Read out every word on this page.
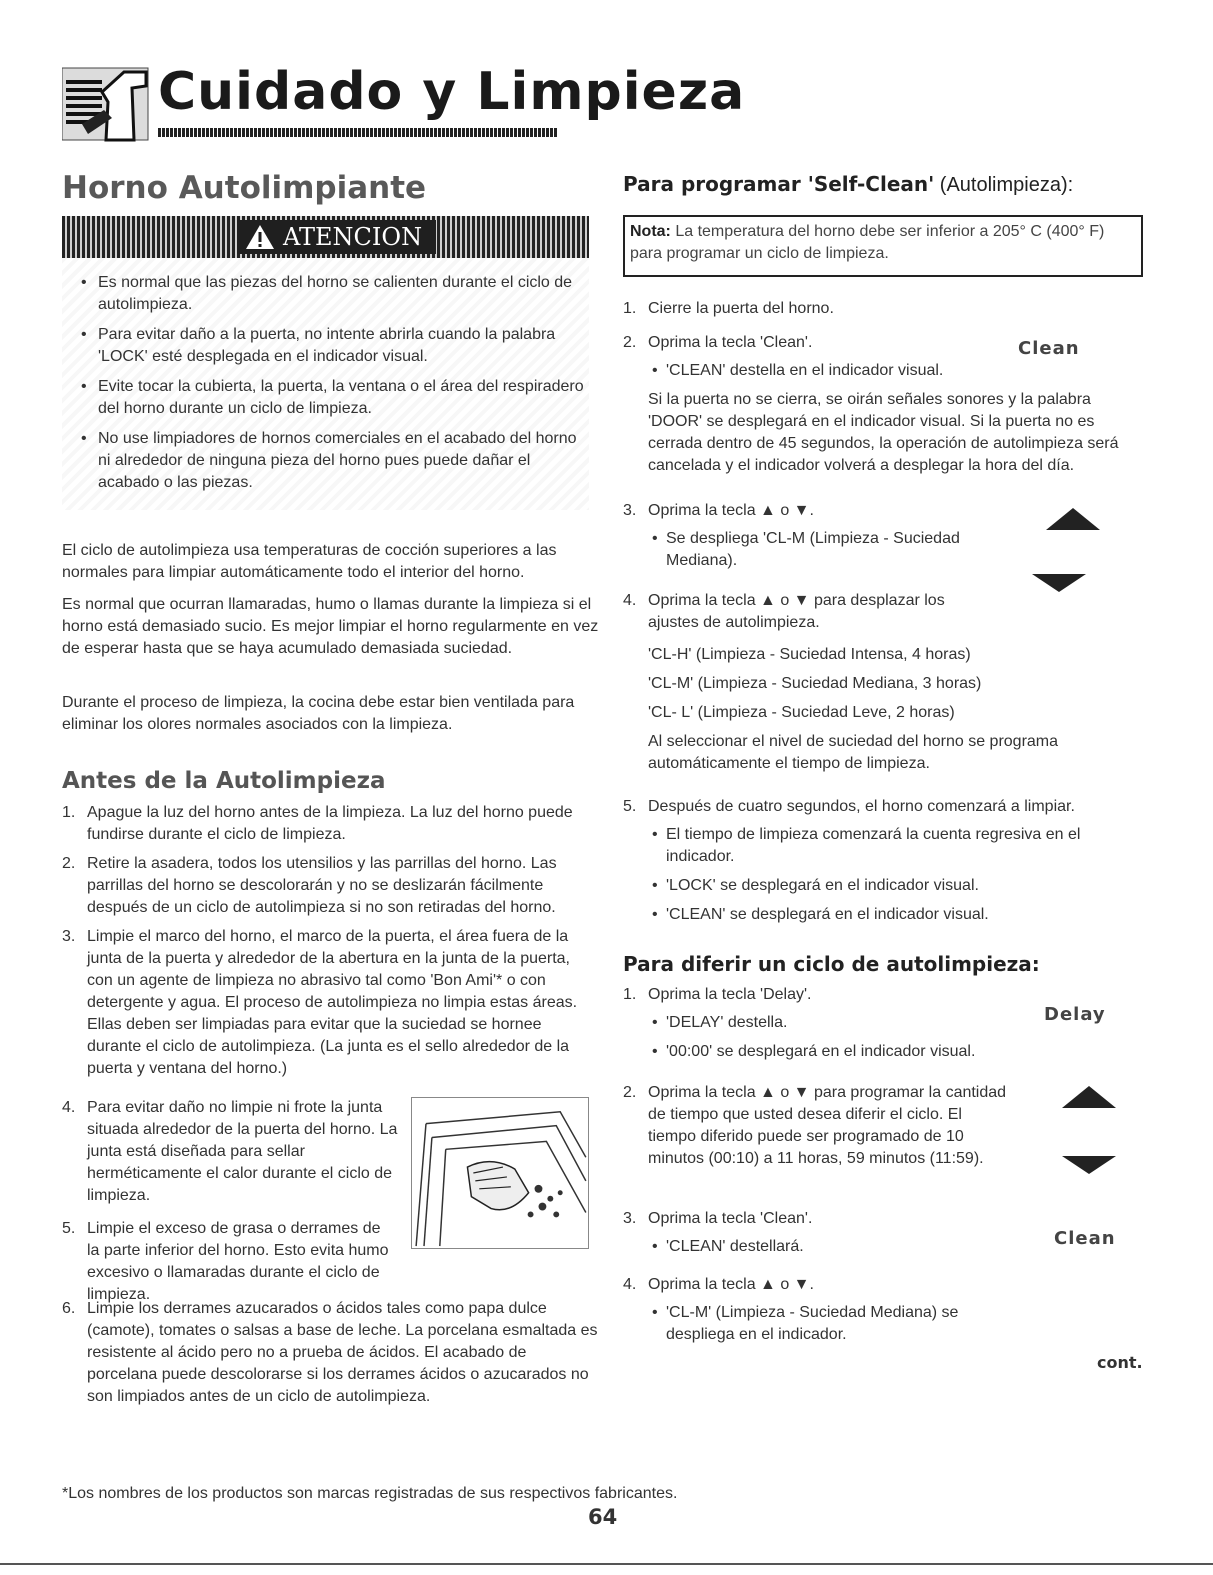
Cuidado y Limpieza
Horno Autolimpiante
ATENCION
• Es normal que las piezas del horno se calienten durante el ciclo de autolimpieza.
• Para evitar daño a la puerta, no intente abrirla cuando la palabra 'LOCK' esté desplegada en el indicador visual.
• Evite tocar la cubierta, la puerta, la ventana o el área del respiradero del horno durante un ciclo de limpieza.
• No use limpiadores de hornos comerciales en el acabado del horno ni alrededor de ninguna pieza del horno pues puede dañar el acabado o las piezas.
El ciclo de autolimpieza usa temperaturas de cocción superiores a las normales para limpiar automáticamente todo el interior del horno.
Es normal que ocurran llamaradas, humo o llamas durante la limpieza si el horno está demasiado sucio. Es mejor limpiar el horno regularmente en vez de esperar hasta que se haya acumulado demasiada suciedad.
Durante el proceso de limpieza, la cocina debe estar bien ventilada para eliminar los olores normales asociados con la limpieza.
Antes de la Autolimpieza
1. Apague la luz del horno antes de la limpieza. La luz del horno puede fundirse durante el ciclo de limpieza.
2. Retire la asadera, todos los utensilios y las parrillas del horno. Las parrillas del horno se descolorarán y no se deslizarán fácilmente después de un ciclo de autolimpieza si no son retiradas del horno.
3. Limpie el marco del horno, el marco de la puerta, el área fuera de la junta de la puerta y alrededor de la abertura en la junta de la puerta, con un agente de limpieza no abrasivo tal como 'Bon Ami'* o con detergente y agua. El proceso de autolimpieza no limpia estas áreas. Ellas deben ser limpiadas para evitar que la suciedad se hornee durante el ciclo de autolimpieza. (La junta es el sello alrededor de la puerta y ventana del horno.)
4. Para evitar daño no limpie ni frote la junta situada alrededor de la puerta del horno. La junta está diseñada para sellar herméticamente el calor durante el ciclo de limpieza.
5. Limpie el exceso de grasa o derrames de la parte inferior del horno. Esto evita humo excesivo o llamaradas durante el ciclo de limpieza.
6. Limpie los derrames azucarados o ácidos tales como papa dulce (camote), tomates o salsas a base de leche. La porcelana esmaltada es resistente al ácido pero no a prueba de ácidos. El acabado de porcelana puede descolorarse si los derrames ácidos o azucarados no son limpiados antes de un ciclo de autolimpieza.
Para programar 'Self-Clean' (Autolimpieza):
Nota: La temperatura del horno debe ser inferior a 205° C (400° F) para programar un ciclo de limpieza.
1. Cierre la puerta del horno.
2. Oprima la tecla 'Clean'.
• 'CLEAN' destella en el indicador visual.
Si la puerta no se cierra, se oirán señales sonores y la palabra 'DOOR' se desplegará en el indicador visual. Si la puerta no es cerrada dentro de 45 segundos, la operación de autolimpieza será cancelada y el indicador volverá a desplegar la hora del día.
Clean
3. Oprima la tecla ▲ o ▼.
• Se despliega 'CL-M (Limpieza - Suciedad Mediana).
4. Oprima la tecla ▲ o ▼ para desplazar los ajustes de autolimpieza.
'CL-H' (Limpieza - Suciedad Intensa, 4 horas)
'CL-M' (Limpieza - Suciedad Mediana, 3 horas)
'CL- L' (Limpieza - Suciedad Leve, 2 horas)
Al seleccionar el nivel de suciedad del horno se programa automáticamente el tiempo de limpieza.
5. Después de cuatro segundos, el horno comenzará a limpiar.
• El tiempo de limpieza comenzará la cuenta regresiva en el indicador.
• 'LOCK' se desplegará en el indicador visual.
• 'CLEAN' se desplegará en el indicador visual.
Para diferir un ciclo de autolimpieza:
1. Oprima la tecla 'Delay'.
• 'DELAY' destella.
• '00:00' se desplegará en el indicador visual.
Delay
2. Oprima la tecla ▲ o ▼ para programar la cantidad de tiempo que usted desea diferir el ciclo. El tiempo diferido puede ser programado de 10 minutos (00:10) a 11 horas, 59 minutos (11:59).
3. Oprima la tecla 'Clean'.
• 'CLEAN' destellará.	Clean
4. Oprima la tecla ▲ o ▼.
• 'CL-M' (Limpieza - Suciedad Mediana) se despliega en el indicador.
cont.
*Los nombres de los productos son marcas registradas de sus respectivos fabricantes.
64
